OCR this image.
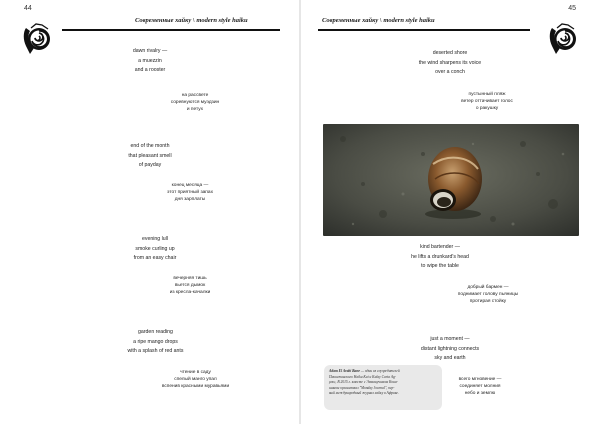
44
Современные хайку \ modern style haiku
dawn rivalry —
a muezzin
and a rooster
на рассвете
соревнуются муэдзин
и петух
end of the month
that pleasant smell
of payday
конец месяца —
этот приятный запах
дня зарплаты
evening lull
smoke curling up
from an easy chair
вечерняя тишь
вьется дымок
из кресла-качалки
garden reading
a ripe mango drops
with a splash of red ants
чтение в саду
спелый манго упал
вспенив красными муравьями
45
Современные хайку \ modern style haiku
deserted shore
the wind sharpens its voice
over a conch
пустынный пляж
ветер оттачивает голос
о ракушку
kind bartender —
he lifts a drunkard's head
to wipe the table
добрый бармен —
поднимает голову пьяницы
протирая стойку
just a moment —
distant lightning connects
sky and earth
всего мгновение —
соединяет молния
небо и землю
Adam El Arabi Bane — один из соучредителей
Пакистанского Haiku Kai и Kalay Carta Ag-
ρους. В 2015 г. вместе с Эмманучимом Кони-
шаном организовал "Monday Journal", пер-
вый международный журнал хайку в Африке.
